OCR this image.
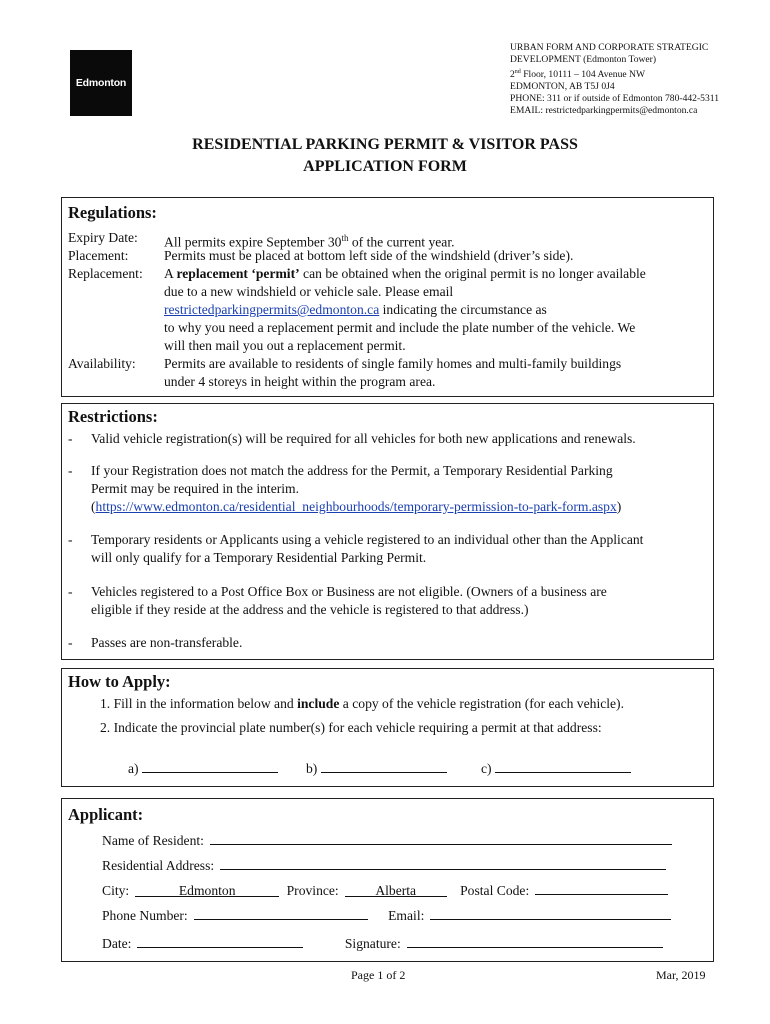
Edmonton
URBAN FORM AND CORPORATE STRATEGIC
DEVELOPMENT (Edmonton Tower)
2nd Floor, 10111 – 104 Avenue NW
EDMONTON, AB T5J 0J4
PHONE: 311 or if outside of Edmonton 780-442-5311
EMAIL: restrictedparkingpermits@edmonton.ca
RESIDENTIAL PARKING PERMIT & VISITOR PASS
APPLICATION FORM
Regulations:
Expiry Date:	All permits expire September 30th of the current year.
Placement:	Permits must be placed at bottom left side of the windshield (driver’s side).
Replacement:	A replacement ‘permit’ can be obtained when the original permit is no longer available
due to a new windshield or vehicle sale. Please email
restrictedparkingpermits@edmonton.ca indicating the circumstance as
to why you need a replacement permit and include the plate number of the vehicle. We
will then mail you out a replacement permit.
Availability:	Permits are available to residents of single family homes and multi-family buildings
under 4 storeys in height within the program area.
Restrictions:
- Valid vehicle registration(s) will be required for all vehicles for both new applications and renewals.
- If your Registration does not match the address for the Permit, a Temporary Residential Parking
Permit may be required in the interim.
(https://www.edmonton.ca/residential_neighbourhoods/temporary-permission-to-park-form.aspx)
- Temporary residents or Applicants using a vehicle registered to an individual other than the Applicant
will only qualify for a Temporary Residential Parking Permit.
- Vehicles registered to a Post Office Box or Business are not eligible. (Owners of a business are
eligible if they reside at the address and the vehicle is registered to that address.)
- Passes are non-transferable.
How to Apply:
1. Fill in the information below and include a copy of the vehicle registration (for each vehicle).
2. Indicate the provincial plate number(s) for each vehicle requiring a permit at that address:
a)	b)	c)
Applicant:
Name of Resident:
Residential Address:
City:	Edmonton	Province:	Alberta	Postal Code:
Phone Number:	Email:
Date:	Signature:
Page 1 of 2	Mar, 2019
